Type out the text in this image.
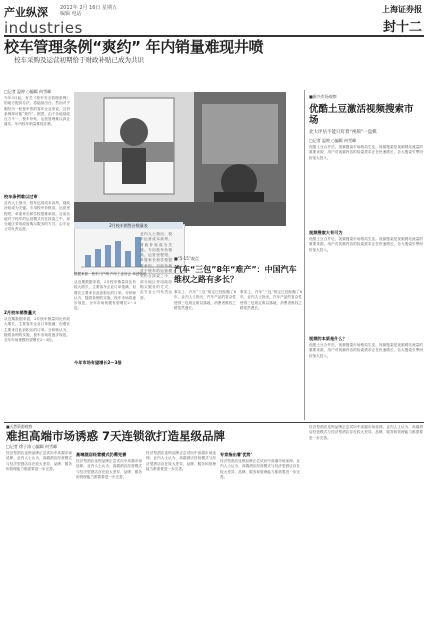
产业纵深
industries
2012年 2月 16日 星期五
编辑 电话	上海证券报
封十二
校车管理条例“爽约” 年内销量难现井喷
校车采购及运营初期恰于财政补贴已成为共识
□记者 温婷 ○编辑 何雪峰
今年3月起，有关《校车安全管理条例》的地方配套办法，将陆续出台。然而对于刚经历一轮校车热的客车企业来说，这份条例却可能“爽约”。据悉，由于各地财政压力不一，校车补贴、运营管理难以真正落实，年内校车销量难现井喷。
校车条例难以过审
业内人士指出，校车运营成本高昂，财政补贴成为关键。专用校车价格高，运营里程短，单靠家长和学校很难承担。目前各地对于校车的运营模式仍在探索之中，部分地区采用政府购买服务的方式，由专业公司负责运营。
2月校车销售量大
从近期数据来看，2月校车销量同比有较大增长，主要客车企业订单饱满，但增长主要来自此前积压的订单。分析师认为，随着条例的实施，校车市场将逐步规范，全年市场规模有望增长2～3倍。
2月校车销售台数量表
数据来源：校车门户网 汽车工业协会 卓创资讯
从近期数据来看，2月校车销量同比有较大增长，主要客车企业订单饱满，但增长主要来自此前积压的订单。分析师认为，随着条例的实施，校车市场将逐步规范，全年市场规模有望增长2～3倍。
今年市场有望增长2～3倍
业内人士指出，校车运营成本高昂，财政补贴成为关键。专用校车价格高，运营里程短，单靠家长和学校很难承担。目前各地对于校车的运营模式仍在探索之中，部分地区采用政府购买服务的方式，由专业公司负责运营。
■“5·15”观点
汽车“三包”8年“难产”：中国汽车维权之路有多长？
事实上，汽车“三包”规定已经酝酿了8年。业内人士指出，汽车产品的复杂性使得三包规定难以落地，消费者维权之路依然漫长。
事实上，汽车“三包”规定已经酝酿了8年。业内人士指出，汽车产品的复杂性使得三包规定难以落地，消费者维权之路依然漫长。
■新兴市场观察
优酷土豆激活视频搜索市场
北大评估不能只盯着“视频”一盘棋
□记者 温婷 ○编辑 何雪峰
优酷土豆合并后，视频搜索市场格局生变。视频搜索是视频网站流量的重要来源，用户对视频内容的检索需求正在快速增长，各大搜索引擎纷纷加大投入。
视频搜索大有可为
优酷土豆合并后，视频搜索市场格局生变。视频搜索是视频网站流量的重要来源，用户对视频内容的检索需求正在快速增长，各大搜索引擎纷纷加大投入。
视频的本质是什么？
优酷土豆合并后，视频搜索市场格局生变。视频搜索是视频网站流量的重要来源，用户对视频内容的检索需求正在快速增长，各大搜索引擎纷纷加大投入。
■天然资源观察
难担高端市场诱惑 7天连锁欲打造星级品牌
□记者 徐子涛 ○编辑 何雪峰
经济型酒店连锁品牌正尝试向中高端市场延伸。业内人士认为，高端酒店经营模式与经济型酒店存在较大差异，品牌、服务和管理能力都需要进一步完善。
高端酒店经营模式仍需完善
经济型酒店连锁品牌正尝试向中高端市场延伸。业内人士认为，高端酒店经营模式与经济型酒店存在较大差异，品牌、服务和管理能力都需要进一步完善。
经济型酒店连锁品牌正尝试向中高端市场延伸。业内人士认为，高端酒店经营模式与经济型酒店存在较大差异，品牌、服务和管理能力都需要进一步完善。
专家指出着'优势'
经济型酒店连锁品牌正尝试向中高端市场延伸。业内人士认为，高端酒店经营模式与经济型酒店存在较大差异，品牌、服务和管理能力都需要进一步完善。
经济型酒店连锁品牌正尝试向中高端市场延伸。业内人士认为，高端酒店经营模式与经济型酒店存在较大差异，品牌、服务和管理能力都需要进一步完善。
